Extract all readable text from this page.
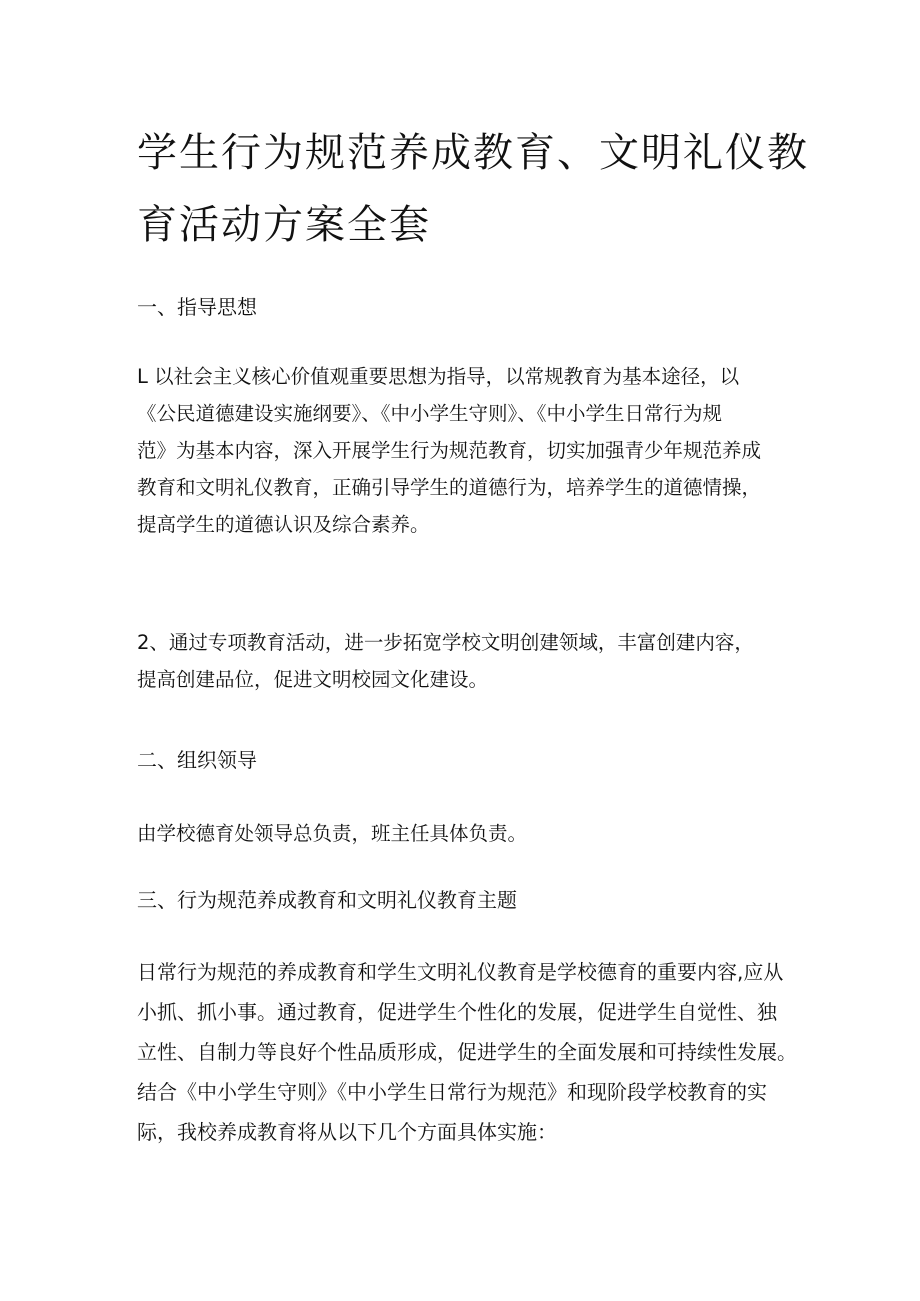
学生行为规范养成教育、文明礼仪教
育活动方案全套
一、指导思想
L 以社会主义核心价值观重要思想为指导，以常规教育为基本途径，以
《公民道德建设实施纲要》、《中小学生守则》、《中小学生日常行为规
范》为基本内容，深入开展学生行为规范教育，切实加强青少年规范养成
教育和文明礼仪教育，正确引导学生的道德行为，培养学生的道德情操，
提高学生的道德认识及综合素养。
2、通过专项教育活动，进一步拓宽学校文明创建领域，丰富创建内容，
提高创建品位，促进文明校园文化建设。
二、组织领导
由学校德育处领导总负责，班主任具体负责。
三、行为规范养成教育和文明礼仪教育主题
日常行为规范的养成教育和学生文明礼仪教育是学校德育的重要内容,应从
小抓、抓小事。通过教育，促进学生个性化的发展，促进学生自觉性、独
立性、自制力等良好个性品质形成，促进学生的全面发展和可持续性发展。
结合《中小学生守则》《中小学生日常行为规范》和现阶段学校教育的实
际，我校养成教育将从以下几个方面具体实施：
